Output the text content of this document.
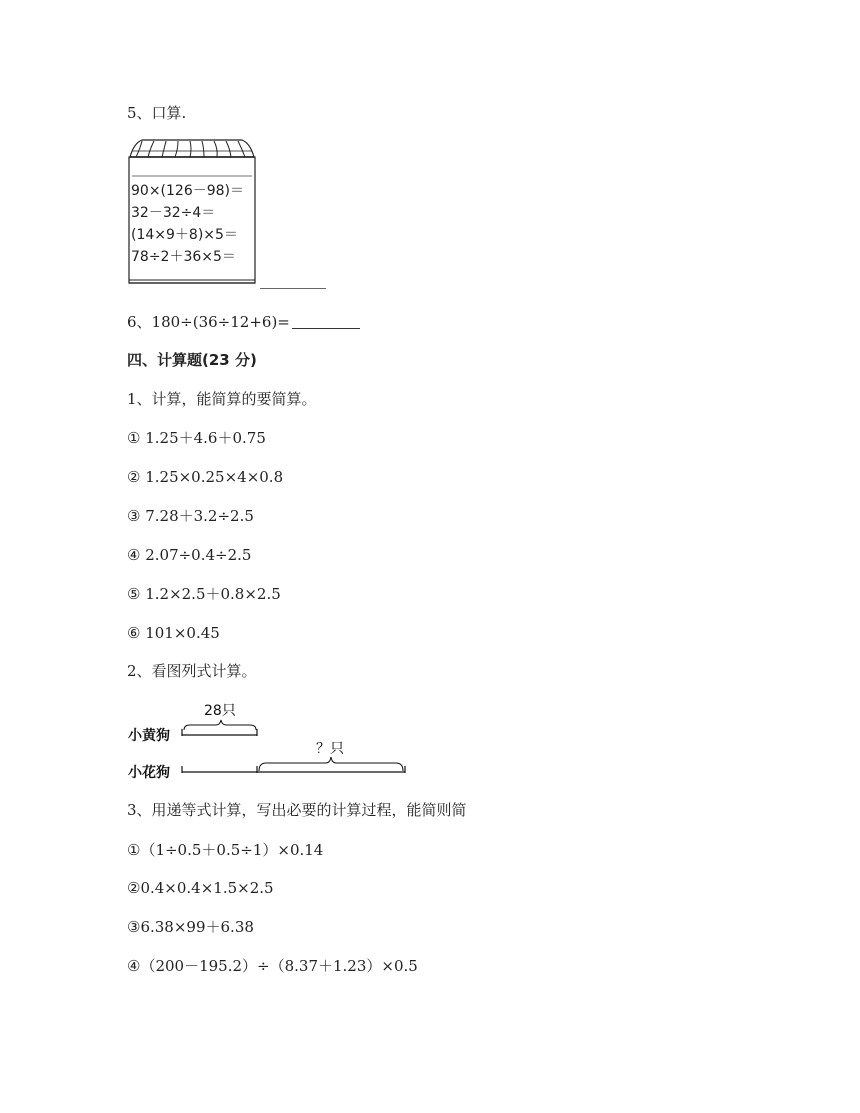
5、口算.
90×(126－98)＝
32－32÷4＝
(14×9＋8)×5＝
78÷2＋36×5＝
6、180÷(36÷12+6)=
四、计算题(23 分)
1、计算，能简算的要简算。
① 1.25＋4.6＋0.75
② 1.25×0.25×4×0.8
③ 7.28＋3.2÷2.5
④ 2.07÷0.4÷2.5
⑤ 1.2×2.5＋0.8×2.5
⑥ 101×0.45
2、看图列式计算。
28只
小黄狗
？只
小花狗
3、用递等式计算，写出必要的计算过程，能简则简
①（1÷0.5＋0.5÷1）×0.14
②0.4×0.4×1.5×2.5
③6.38×99＋6.38
④（200－195.2）÷（8.37＋1.23）×0.5
